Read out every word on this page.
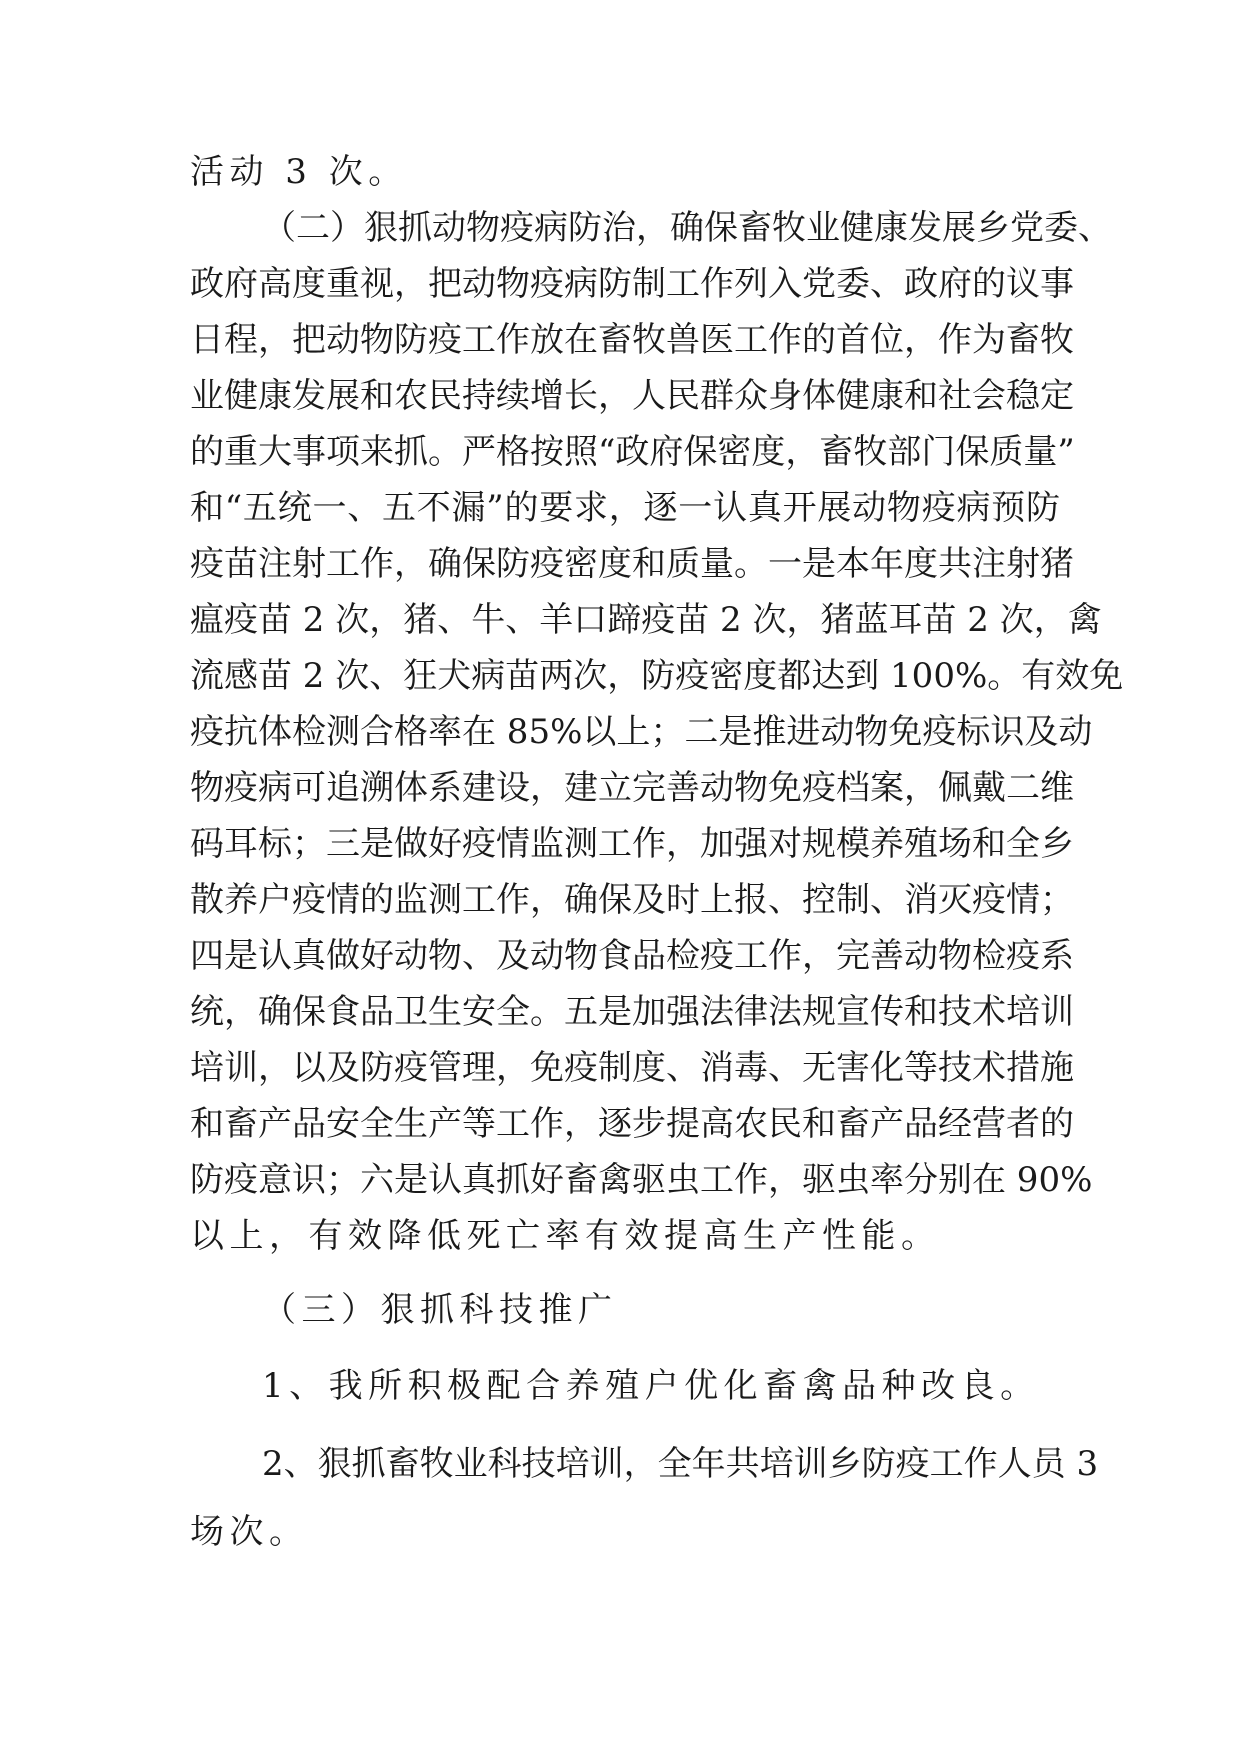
活动 3 次。
（二）狠抓动物疫病防治，确保畜牧业健康发展乡党委、
政府高度重视，把动物疫病防制工作列入党委、政府的议事
日程，把动物防疫工作放在畜牧兽医工作的首位，作为畜牧
业健康发展和农民持续增长，人民群众身体健康和社会稳定
的重大事项来抓。严格按照“政府保密度，畜牧部门保质量”
和“五统一、五不漏”的要求，逐一认真开展动物疫病预防
疫苗注射工作，确保防疫密度和质量。一是本年度共注射猪
瘟疫苗 2 次，猪、牛、羊口蹄疫苗 2 次，猪蓝耳苗 2 次，禽
流感苗 2 次、狂犬病苗两次，防疫密度都达到 100%。有效免
疫抗体检测合格率在 85%以上；二是推进动物免疫标识及动
物疫病可追溯体系建设，建立完善动物免疫档案，佩戴二维
码耳标；三是做好疫情监测工作，加强对规模养殖场和全乡
散养户疫情的监测工作，确保及时上报、控制、消灭疫情；
四是认真做好动物、及动物食品检疫工作，完善动物检疫系
统，确保食品卫生安全。五是加强法律法规宣传和技术培训
培训，以及防疫管理，免疫制度、消毒、无害化等技术措施
和畜产品安全生产等工作，逐步提高农民和畜产品经营者的
防疫意识；六是认真抓好畜禽驱虫工作，驱虫率分别在 90%
以上，有效降低死亡率有效提高生产性能。
（三）狠抓科技推广
1、我所积极配合养殖户优化畜禽品种改良。
2、狠抓畜牧业科技培训，全年共培训乡防疫工作人员 3
场次。
